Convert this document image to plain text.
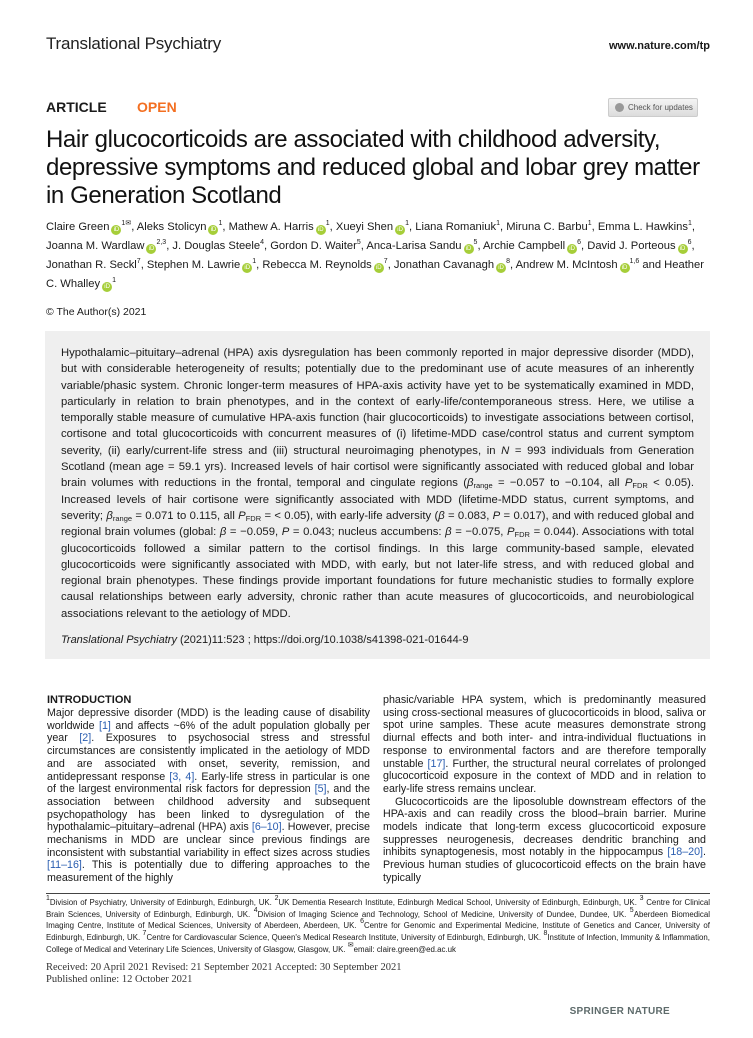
Translational Psychiatry	www.nature.com/tp
ARTICLE	OPEN	Check for updates
Hair glucocorticoids are associated with childhood adversity, depressive symptoms and reduced global and lobar grey matter in Generation Scotland
Claire Green $iD^{1✉}$, Aleks Stolicyn $iD^1$, Mathew A. Harris $iD^1$, Xueyi Shen $iD^1$, Liana Romaniuk$^1$, Miruna C. Barbu$^1$, Emma L. Hawkins$^1$, Joanna M. Wardlaw iD$^{2,3}$, J. Douglas Steele$^4$, Gordon D. Waiter$^5$, Anca-Larisa Sandu $iD^5$, Archie Campbell $iD^6$, David J. Porteous $iD^6$, Jonathan R. Seckl$^7$, Stephen M. Lawrie $iD^1$, Rebecca M. Reynolds $iD^7$, Jonathan Cavanagh $iD^8$, Andrew M. McIntosh iD$^{1,6}$ and Heather C. Whalley $iD^1$
© The Author(s) 2021
Hypothalamic–pituitary–adrenal (HPA) axis dysregulation has been commonly reported in major depressive disorder (MDD), but with considerable heterogeneity of results; potentially due to the predominant use of acute measures of an inherently variable/phasic system. Chronic longer-term measures of HPA-axis activity have yet to be systematically examined in MDD, particularly in relation to brain phenotypes, and in the context of early-life/contemporaneous stress. Here, we utilise a temporally stable measure of cumulative HPA-axis function (hair glucocorticoids) to investigate associations between cortisol, cortisone and total glucocorticoids with concurrent measures of (i) lifetime-MDD case/control status and current symptom severity, (ii) early/current-life stress and (iii) structural neuroimaging phenotypes, in N = 993 individuals from Generation Scotland (mean age = 59.1 yrs). Increased levels of hair cortisol were significantly associated with reduced global and lobar brain volumes with reductions in the frontal, temporal and cingulate regions ($\beta_{range} = -0.057$ to −0.104, all $P_{FDR} < 0.05$). Increased levels of hair cortisone were significantly associated with MDD (lifetime-MDD status, current symptoms, and severity; $\beta_{range} = 0.071$ to 0.115, all $P_{FDR}$ = < 0.05), with early-life adversity (β = 0.083, P = 0.017), and with reduced global and regional brain volumes (global: β = −0.059, P = 0.043; nucleus accumbens: β = −0.075, $P_{FDR} = 0.044$). Associations with total glucocorticoids followed a similar pattern to the cortisol findings. In this large community-based sample, elevated glucocorticoids were significantly associated with MDD, with early, but not later-life stress, and with reduced global and regional brain phenotypes. These findings provide important foundations for future mechanistic studies to formally explore causal relationships between early adversity, chronic rather than acute measures of glucocorticoids, and neurobiological associations relevant to the aetiology of MDD.
Translational Psychiatry (2021)11:523 ; https://doi.org/10.1038/s41398-021-01644-9
INTRODUCTION

Major depressive disorder (MDD) is the leading cause of disability worldwide [1] and affects ~6% of the adult population globally per year [2]. Exposures to psychosocial stress and stressful circumstances are consistently implicated in the aetiology of MDD and are associated with onset, severity, remission, and antidepressant response [3, 4]. Early-life stress in particular is one of the largest environmental risk factors for depression [5], and the association between childhood adversity and subsequent psychopathology has been linked to dysregulation of the hypothalamic–pituitary–adrenal (HPA) axis [6–10]. However, precise mechanisms in MDD are unclear since previous findings are inconsistent with substantial variability in effect sizes across studies [11–16]. This is potentially due to differing approaches to the measurement of the highly

phasic/variable HPA system, which is predominantly measured using cross-sectional measures of glucocorticoids in blood, saliva or spot urine samples. These acute measures demonstrate strong diurnal effects and both inter- and intra-individual fluctuations in response to environmental factors and are therefore temporally unstable [17]. Further, the structural neural correlates of prolonged glucocorticoid exposure in the context of MDD and in relation to early-life stress remains unclear.

Glucocorticoids are the liposoluble downstream effectors of the HPA-axis and can readily cross the blood–brain barrier. Murine models indicate that long-term excess glucocorticoid exposure suppresses neurogenesis, decreases dendritic branching and inhibits synaptogenesis, most notably in the hippocampus [18–20]. Previous human studies of glucocorticoid effects on the brain have typically

$^1$Division of Psychiatry, University of Edinburgh, Edinburgh, UK. $^2$UK Dementia Research Institute, Edinburgh Medical School, University of Edinburgh, Edinburgh, UK. $^3$ Centre for Clinical Brain Sciences, University of Edinburgh, Edinburgh, UK. $^4$Division of Imaging Science and Technology, School of Medicine, University of Dundee, Dundee, UK. $^5$Aberdeen Biomedical Imaging Centre, Institute of Medical Sciences, University of Aberdeen, Aberdeen, UK. $^6$Centre for Genomic and Experimental Medicine, Institute of Genetics and Cancer, University of Edinburgh, Edinburgh, UK. $^7$Centre for Cardiovascular Science, Queen's Medical Research Institute, University of Edinburgh, Edinburgh, UK. $^8$Institute of Infection, Immunity & Inflammation, College of Medical and Veterinary Life Sciences, University of Glasgow, Glasgow, UK. ✉email: claire.green@ed.ac.uk
Received: 20 April 2021 Revised: 21 September 2021 Accepted: 30 September 2021
Published online: 12 October 2021
SPRINGER NATURE
